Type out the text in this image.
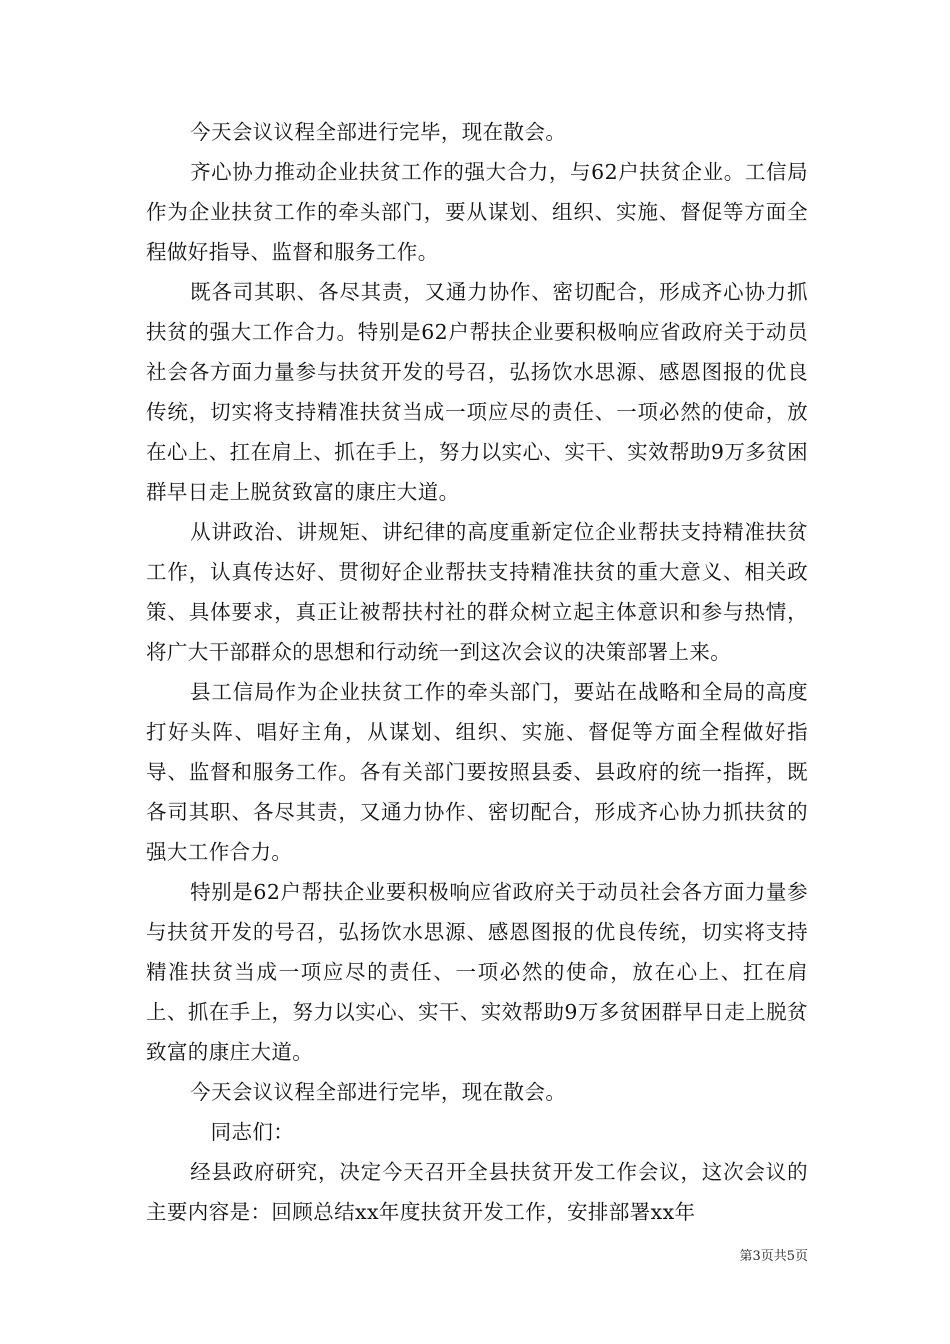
今天会议议程全部进行完毕，现在散会。

齐心协力推动企业扶贫工作的强大合力，与62户扶贫企业。工信局作为企业扶贫工作的牵头部门，要从谋划、组织、实施、督促等方面全程做好指导、监督和服务工作。

既各司其职、各尽其责，又通力协作、密切配合，形成齐心协力抓扶贫的强大工作合力。特别是62户帮扶企业要积极响应省政府关于动员社会各方面力量参与扶贫开发的号召，弘扬饮水思源、感恩图报的优良传统，切实将支持精准扶贫当成一项应尽的责任、一项必然的使命，放在心上、扛在肩上、抓在手上，努力以实心、实干、实效帮助9万多贫困群早日走上脱贫致富的康庄大道。

从讲政治、讲规矩、讲纪律的高度重新定位企业帮扶支持精准扶贫工作，认真传达好、贯彻好企业帮扶支持精准扶贫的重大意义、相关政策、具体要求，真正让被帮扶村社的群众树立起主体意识和参与热情，将广大干部群众的思想和行动统一到这次会议的决策部署上来。

县工信局作为企业扶贫工作的牵头部门，要站在战略和全局的高度打好头阵、唱好主角，从谋划、组织、实施、督促等方面全程做好指导、监督和服务工作。各有关部门要按照县委、县政府的统一指挥，既各司其职、各尽其责，又通力协作、密切配合，形成齐心协力抓扶贫的强大工作合力。

特别是62户帮扶企业要积极响应省政府关于动员社会各方面力量参与扶贫开发的号召，弘扬饮水思源、感恩图报的优良传统，切实将支持精准扶贫当成一项应尽的责任、一项必然的使命，放在心上、扛在肩上、抓在手上，努力以实心、实干、实效帮助9万多贫困群早日走上脱贫致富的康庄大道。

今天会议议程全部进行完毕，现在散会。

同志们：

经县政府研究，决定今天召开全县扶贫开发工作会议，这次会议的主要内容是：回顾总结xx年度扶贫开发工作，安排部署xx年

第3页共5页
